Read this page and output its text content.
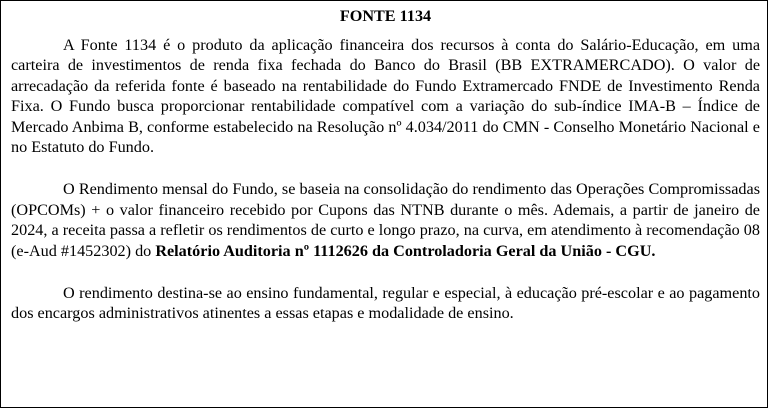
FONTE 1134

A Fonte 1134 é o produto da aplicação financeira dos recursos à conta do Salário-Educação, em uma carteira de investimentos de renda fixa fechada do Banco do Brasil (BB EXTRAMERCADO). O valor de arrecadação da referida fonte é baseado na rentabilidade do Fundo Extramercado FNDE de Investimento Renda Fixa. O Fundo busca proporcionar rentabilidade compatível com a variação do sub-índice IMA-B – Índice de Mercado Anbima B, conforme estabelecido na Resolução nº 4.034/2011 do CMN - Conselho Monetário Nacional e no Estatuto do Fundo.

O Rendimento mensal do Fundo, se baseia na consolidação do rendimento das Operações Compromissadas (OPCOMs) + o valor financeiro recebido por Cupons das NTNB durante o mês. Ademais, a partir de janeiro de 2024, a receita passa a refletir os rendimentos de curto e longo prazo, na curva, em atendimento à recomendação 08 (e-Aud #1452302) do Relatório Auditoria nº 1112626 da Controladoria Geral da União - CGU.

O rendimento destina-se ao ensino fundamental, regular e especial, à educação pré-escolar e ao pagamento dos encargos administrativos atinentes a essas etapas e modalidade de ensino.
